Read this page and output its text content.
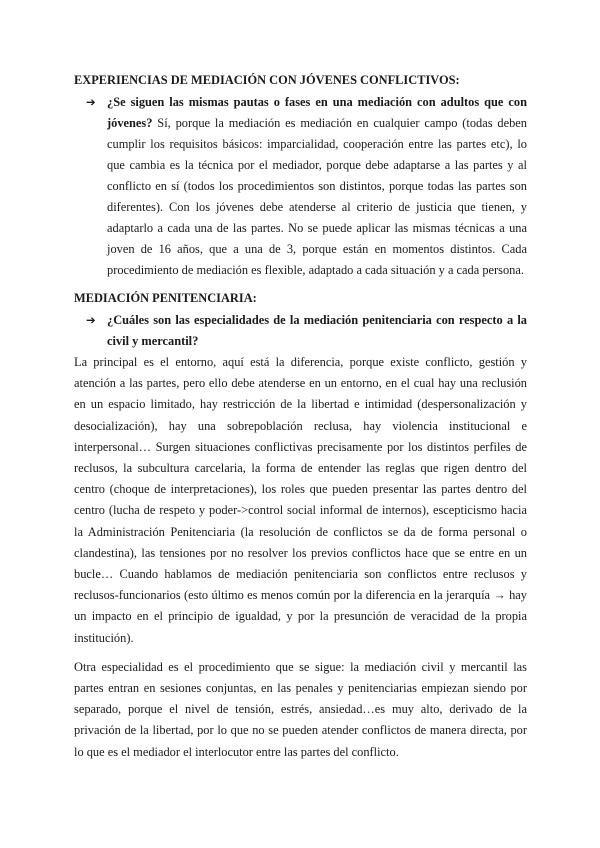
EXPERIENCIAS DE MEDIACIÓN CON JÓVENES CONFLICTIVOS:
➔ ¿Se siguen las mismas pautas o fases en una mediación con adultos que con jóvenes? Sí, porque la mediación es mediación en cualquier campo (todas deben cumplir los requisitos básicos: imparcialidad, cooperación entre las partes etc), lo que cambia es la técnica por el mediador, porque debe adaptarse a las partes y al conflicto en sí (todos los procedimientos son distintos, porque todas las partes son diferentes). Con los jóvenes debe atenderse al criterio de justicia que tienen, y adaptarlo a cada una de las partes. No se puede aplicar las mismas técnicas a una joven de 16 años, que a una de 3, porque están en momentos distintos. Cada procedimiento de mediación es flexible, adaptado a cada situación y a cada persona.

MEDIACIÓN PENITENCIARIA:
➔ ¿Cuáles son las especialidades de la mediación penitenciaria con respecto a la civil y mercantil?

La principal es el entorno, aquí está la diferencia, porque existe conflicto, gestión y atención a las partes, pero ello debe atenderse en un entorno, en el cual hay una reclusión en un espacio limitado, hay restricción de la libertad e intimidad (despersonalización y desocialización), hay una sobrepoblación reclusa, hay violencia institucional e interpersonal… Surgen situaciones conflictivas precisamente por los distintos perfiles de reclusos, la subcultura carcelaria, la forma de entender las reglas que rigen dentro del centro (choque de interpretaciones), los roles que pueden presentar las partes dentro del centro (lucha de respeto y poder->control social informal de internos), escepticismo hacia la Administración Penitenciaria (la resolución de conflictos se da de forma personal o clandestina), las tensiones por no resolver los previos conflictos hace que se entre en un bucle… Cuando hablamos de mediación penitenciaria son conflictos entre reclusos y reclusos-funcionarios (esto último es menos común por la diferencia en la jerarquía → hay un impacto en el principio de igualdad, y por la presunción de veracidad de la propia institución).

Otra especialidad es el procedimiento que se sigue: la mediación civil y mercantil las partes entran en sesiones conjuntas, en las penales y penitenciarias empiezan siendo por separado, porque el nivel de tensión, estrés, ansiedad…es muy alto, derivado de la privación de la libertad, por lo que no se pueden atender conflictos de manera directa, por lo que es el mediador el interlocutor entre las partes del conflicto.
